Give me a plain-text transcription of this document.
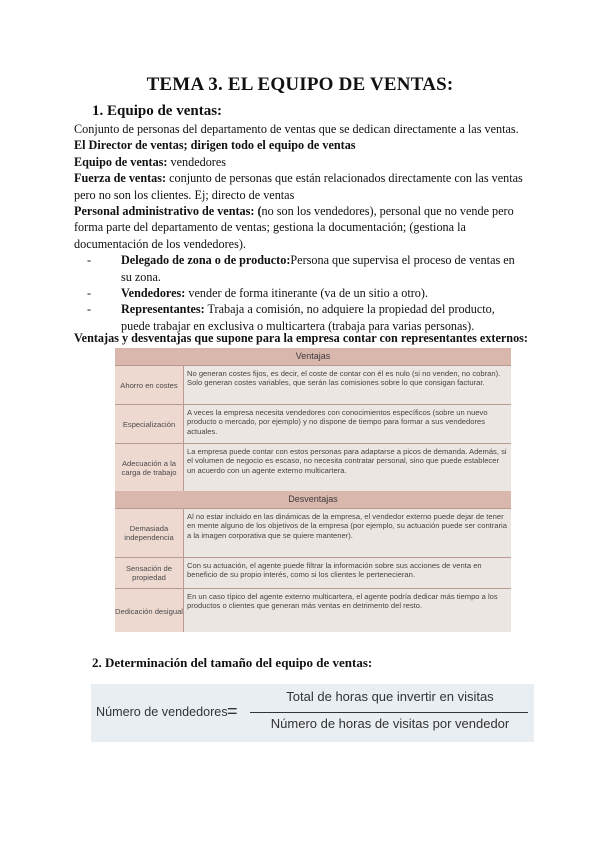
TEMA 3. EL EQUIPO DE VENTAS:
1. Equipo de ventas:

Conjunto de personas del departamento de ventas que se dedican directamente a las ventas.

El Director de ventas; dirigen todo el equipo de ventas

Equipo de ventas: vendedores

Fuerza de ventas: conjunto de personas que están relacionados directamente con las ventas pero no son los clientes. Ej; directo de ventas

Personal administrativo de ventas: (no son los vendedores), personal que no vende pero forma parte del departamento de ventas; gestiona la documentación; (gestiona la documentación de los vendedores).

- Delegado de zona o de producto:Persona que supervisa el proceso de ventas en su zona.
- Vendedores: vender de forma itinerante (va de un sitio a otro).
- Representantes: Trabaja a comisión, no adquiere la propiedad del producto, puede trabajar en exclusiva o multicartera (trabaja para varias personas).
Ventajas y desventajas que supone para la empresa contar con representantes externos:
Ventajas
Ahorro en costes
No generan costes fijos, es decir, el coste de contar con él es nulo (si no venden, no cobran). Solo generan costes variables, que serán las comisiones sobre lo que consigan facturar.
Especialización
A veces la empresa necesita vendedores con conocimientos específicos (sobre un nuevo producto o mercado, por ejemplo) y no dispone de tiempo para formar a sus vendedores actuales.
Adecuación a la carga de trabajo
La empresa puede contar con estos personas para adaptarse a picos de demanda. Además, si el volumen de negocio es escaso, no necesita contratar personal, sino que puede establecer un acuerdo con un agente externo multicartera.
Desventajas
Demasiada independencia
Al no estar incluido en las dinámicas de la empresa, el vendedor externo puede dejar de tener en mente alguno de los objetivos de la empresa (por ejemplo, su actuación puede ser contraria a la imagen corporativa que se quiere mantener).
Sensación de propiedad
Con su actuación, el agente puede filtrar la información sobre sus acciones de venta en beneficio de su propio interés, como si los clientes le pertenecieran.
Dedicación desigual
En un caso típico del agente externo multicartera, el agente podría dedicar más tiempo a los productos o clientes que generan más ventas en detrimento del resto.
2. Determinación del tamaño del equipo de ventas:
Número de vendedores =
Total de horas que invertir en visitas
Número de horas de visitas por vendedor
